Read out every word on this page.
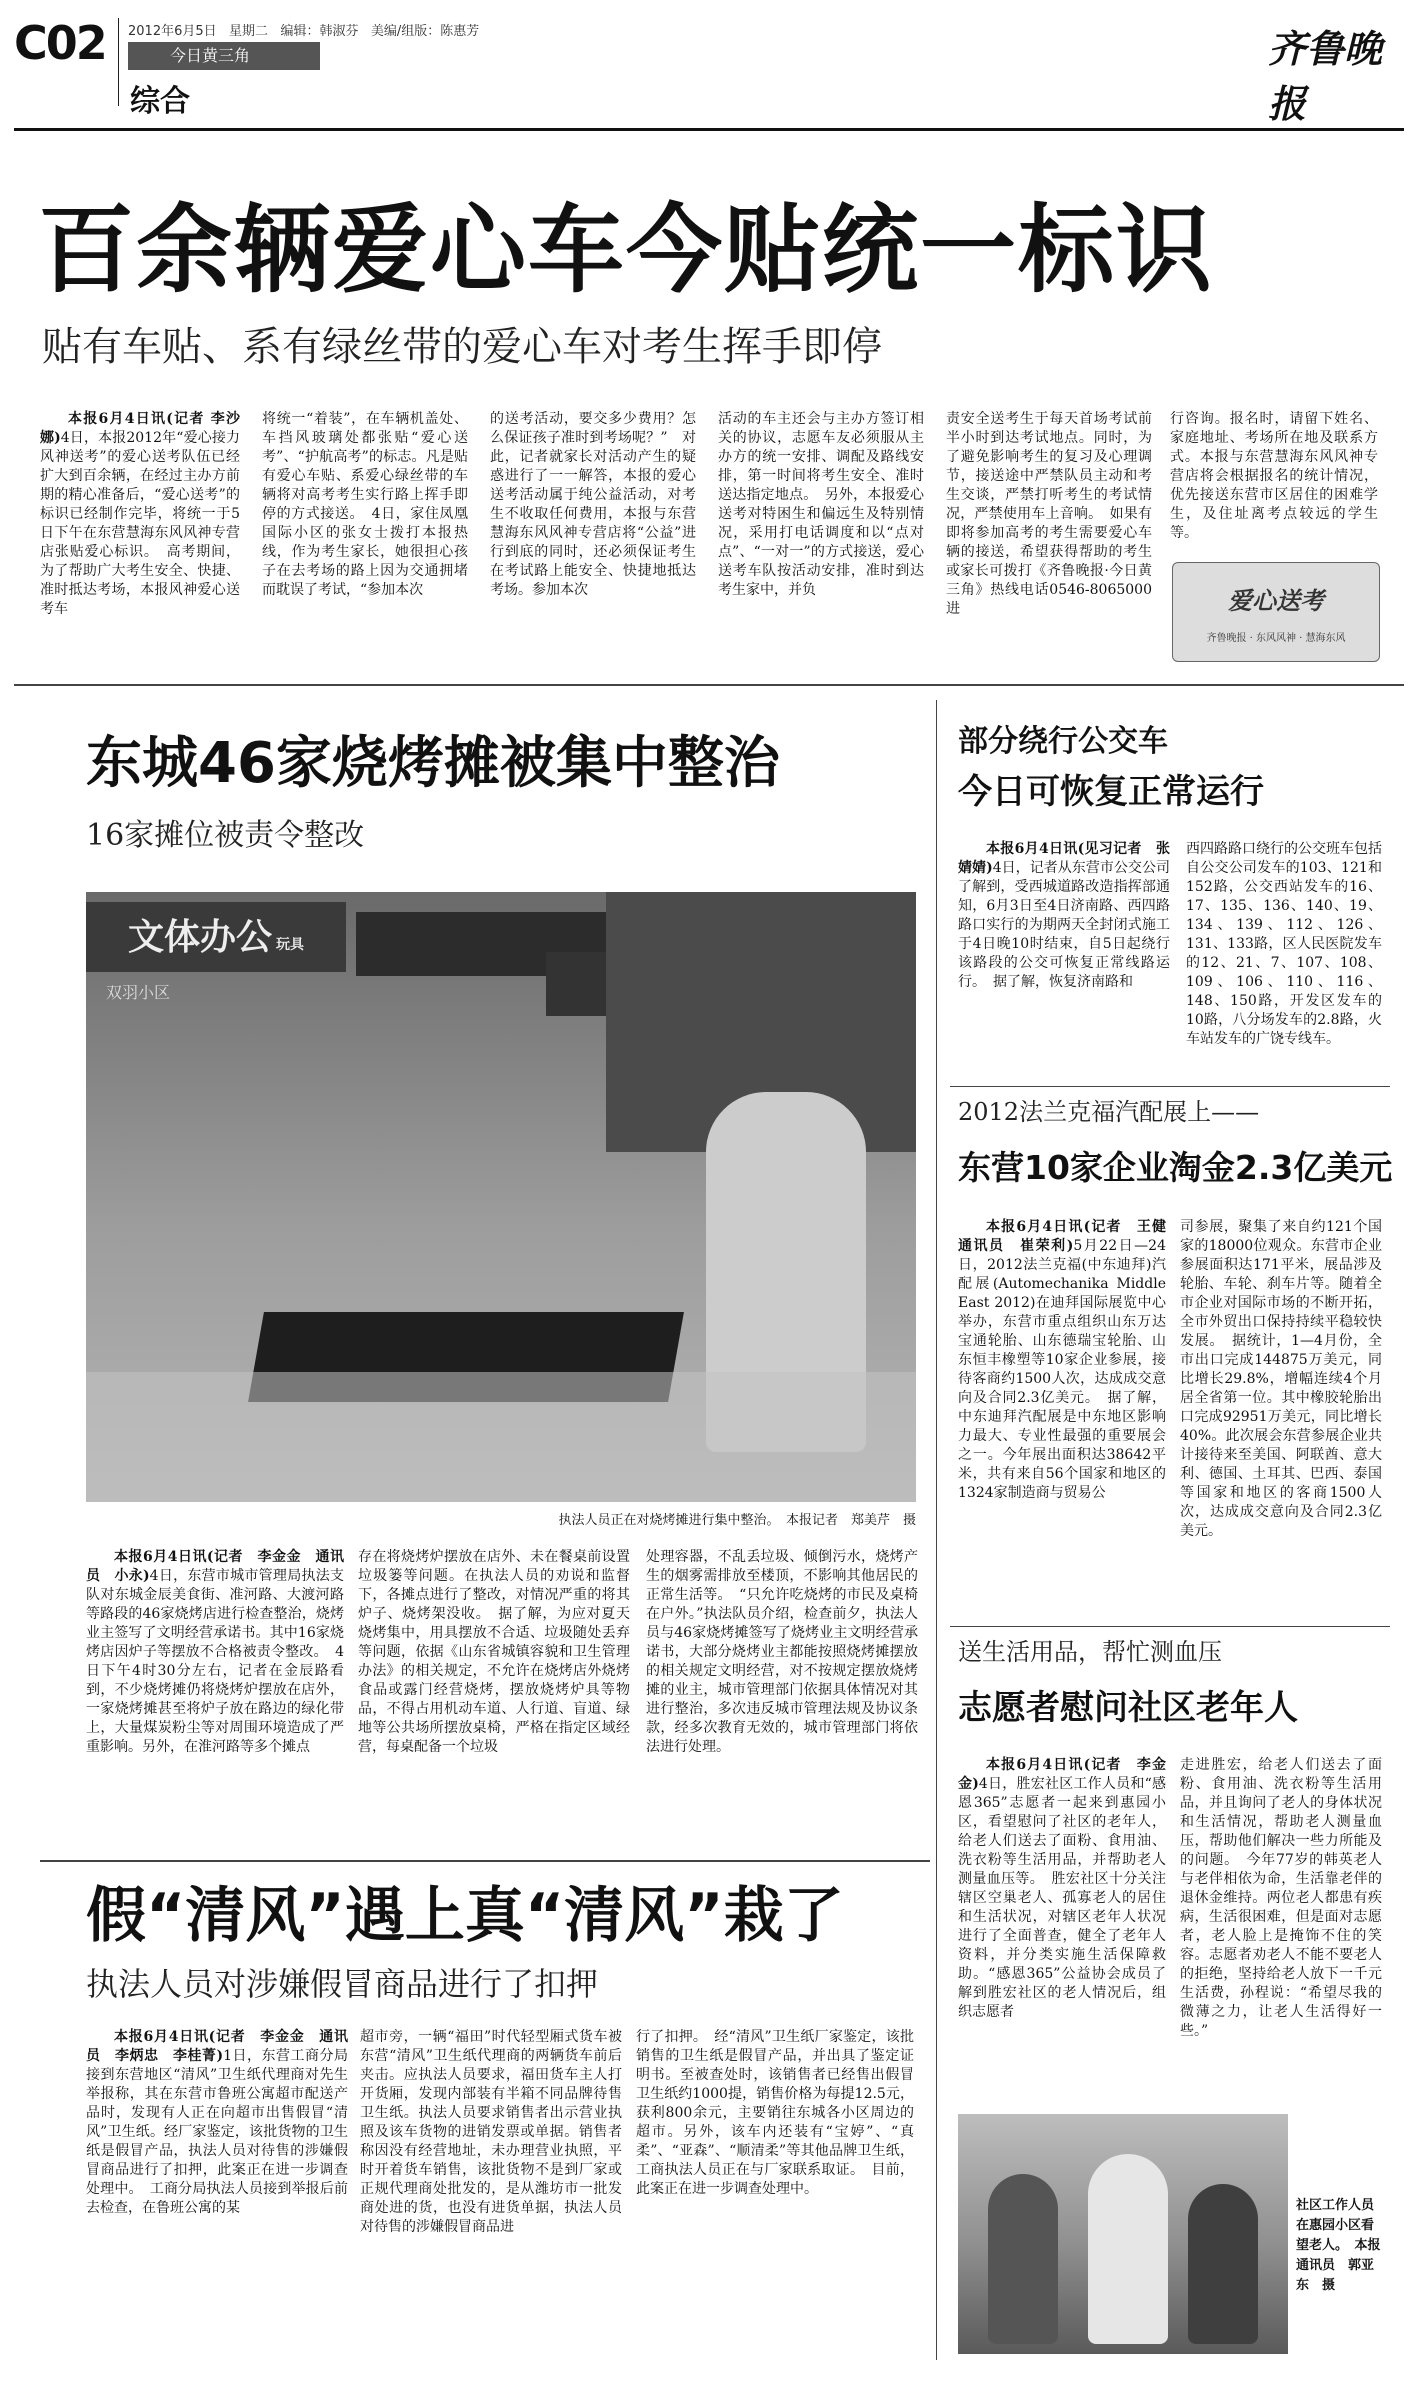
C02 2012年6月5日 星期二 编辑：韩淑芬 美编/组版：陈惠芳
今日黄三角
综合
齐鲁晚报
百余辆爱心车今贴统一标识
贴有车贴、系有绿丝带的爱心车对考生挥手即停

本报6月4日讯(记者 李沙娜)4日，本报2012年“爱心接力 风神送考”的爱心送考队伍已经扩大到百余辆，在经过主办方前期的精心准备后，“爱心送考”的标识已经制作完毕，将统一于5日下午在东营慧海东风风神专营店张贴爱心标识。　高考期间，为了帮助广大考生安全、快捷、准时抵达考场，本报风神爱心送考车

将统一“着装”，在车辆机盖处、车挡风玻璃处都张贴“爱心送考”、“护航高考”的标志。凡是贴有爱心车贴、系爱心绿丝带的车辆将对高考考生实行路上挥手即停的方式接送。　4日，家住凤凰国际小区的张女士拨打本报热线，作为考生家长，她很担心孩子在去考场的路上因为交通拥堵而耽误了考试，“参加本次

的送考活动，要交多少费用？怎么保证孩子准时到考场呢？”　对此，记者就家长对活动产生的疑惑进行了一一解答，本报的爱心送考活动属于纯公益活动，对考生不收取任何费用，本报与东营慧海东风风神专营店将“公益”进行到底的同时，还必须保证考生在考试路上能安全、快捷地抵达考场。参加本次

活动的车主还会与主办方签订相关的协议，志愿车友必须服从主办方的统一安排、调配及路线安排，第一时间将考生安全、准时送达指定地点。　另外，本报爱心送考对特困生和偏远生及特别情况，采用打电话调度和以“点对点”、“一对一”的方式接送，爱心送考车队按活动安排，准时到达考生家中，并负

责安全送考生于每天首场考试前半小时到达考试地点。同时，为了避免影响考生的复习及心理调节，接送途中严禁队员主动和考生交谈，严禁打听考生的考试情况，严禁使用车上音响。　如果有即将参加高考的考生需要爱心车辆的接送，希望获得帮助的考生或家长可拨打《齐鲁晚报·今日黄三角》热线电话0546-8065000进

行咨询。报名时，请留下姓名、家庭地址、考场所在地及联系方式。本报与东营慧海东风风神专营店将会根据报名的统计情况，优先接送东营市区居住的困难学生，及住址离考点较远的学生等。

爱心送考
齐鲁晚报 · 东风风神 · 慧海东风
东城46家烧烤摊被集中整治
16家摊位被责令整改
文体办公 玩具
双羽小区
执法人员正在对烧烤摊进行集中整治。　本报记者　郑美芹　摄

本报6月4日讯(记者　李金金　通讯员　小永)4日，东营市城市管理局执法支队对东城金辰美食街、准河路、大渡河路等路段的46家烧烤店进行检查整治，烧烤业主签写了文明经营承诺书。其中16家烧烤店因炉子等摆放不合格被责令整改。　4日下午4时30分左右，记者在金辰路看到，不少烧烤摊仍将烧烤炉摆放在店外，一家烧烤摊甚至将炉子放在路边的绿化带上，大量煤炭粉尘等对周围环境造成了严重影响。另外，在淮河路等多个摊点

存在将烧烤炉摆放在店外、未在餐桌前设置垃圾篓等问题。在执法人员的劝说和监督下，各摊点进行了整改，对情况严重的将其炉子、烧烤架没收。　据了解，为应对夏天烧烤集中，用具摆放不合适、垃圾随处丢弃等问题，依据《山东省城镇容貌和卫生管理办法》的相关规定，不允许在烧烤店外烧烤食品或露门经营烧烤，摆放烧烤炉具等物品，不得占用机动车道、人行道、盲道、绿地等公共场所摆放桌椅，严格在指定区域经营，每桌配备一个垃圾

处理容器，不乱丢垃圾、倾倒污水，烧烤产生的烟雾需排放至楼顶，不影响其他居民的正常生活等。　“只允许吃烧烤的市民及桌椅在户外。”执法队员介绍，检查前夕，执法人员与46家烧烤摊签写了烧烤业主文明经营承诺书，大部分烧烤业主都能按照烧烤摊摆放的相关规定文明经营，对不按规定摆放烧烤摊的业主，城市管理部门依据具体情况对其进行整治，多次违反城市管理法规及协议条款，经多次教育无效的，城市管理部门将依法进行处理。

假“清风”遇上真“清风”栽了
执法人员对涉嫌假冒商品进行了扣押

本报6月4日讯(记者　李金金　通讯员　李炳忠　李桂菁)1日，东营工商分局接到东营地区“清风”卫生纸代理商对先生举报称，其在东营市鲁班公寓超市配送产品时，发现有人正在向超市出售假冒“清风”卫生纸。经厂家鉴定，该批货物的卫生纸是假冒产品，执法人员对待售的涉嫌假冒商品进行了扣押，此案正在进一步调查处理中。　工商分局执法人员接到举报后前去检查，在鲁班公寓的某

超市旁，一辆“福田”时代轻型厢式货车被东营“清风”卫生纸代理商的两辆货车前后夹击。应执法人员要求，福田货车主人打开货厢，发现内部装有半箱不同品牌待售卫生纸。执法人员要求销售者出示营业执照及该车货物的进销发票或单据。销售者称因没有经营地址，未办理营业执照，平时开着货车销售，该批货物不是到厂家或正规代理商处批发的，是从潍坊市一批发商处进的货，也没有进货单据，执法人员对待售的涉嫌假冒商品进

行了扣押。　经“清风”卫生纸厂家鉴定，该批销售的卫生纸是假冒产品，并出具了鉴定证明书。至被查处时，该销售者已经售出假冒卫生纸约1000提，销售价格为每提12.5元，获利800余元，主要销往东城各小区周边的超市。另外，该车内还装有“宝婷”、“真柔”、“亚森”、“顺清柔”等其他品牌卫生纸，工商执法人员正在与厂家联系取证。　目前，此案正在进一步调查处理中。

部分绕行公交车
今日可恢复正常运行

本报6月4日讯(见习记者　张婧婧)4日，记者从东营市公交公司了解到，受西城道路改造指挥部通知，6月3日至4日济南路、西四路路口实行的为期两天全封闭式施工于4日晚10时结束，自5日起绕行该路段的公交可恢复正常线路运行。　据了解，恢复济南路和

西四路路口绕行的公交班车包括自公交公司发车的103、121和152路，公交西站发车的16、17、135、136、140、19、134、139、112、126、131、133路，区人民医院发车的12、21、7、107、108、109、106、110、116、148、150路，开发区发车的10路，八分场发车的2.8路，火车站发车的广饶专线车。

2012法兰克福汽配展上——
东营10家企业淘金2.3亿美元

本报6月4日讯(记者　王健　通讯员　崔荣利)5月22日—24日，2012法兰克福(中东迪拜)汽配展(Automechanika Middle East 2012)在迪拜国际展览中心举办，东营市重点组织山东万达宝通轮胎、山东德瑞宝轮胎、山东恒丰橡塑等10家企业参展，接待客商约1500人次，达成成交意向及合同2.3亿美元。　据了解，中东迪拜汽配展是中东地区影响力最大、专业性最强的重要展会之一。今年展出面积达38642平米，共有来自56个国家和地区的1324家制造商与贸易公

司参展，聚集了来自约121个国家的18000位观众。东营市企业参展面积达171平米，展品涉及轮胎、车轮、刹车片等。随着全市企业对国际市场的不断开拓，全市外贸出口保持持续平稳较快发展。　据统计，1—4月份，全市出口完成144875万美元，同比增长29.8%，增幅连续4个月居全省第一位。其中橡胶轮胎出口完成92951万美元，同比增长40%。此次展会东营参展企业共计接待来至美国、阿联酋、意大利、德国、土耳其、巴西、泰国等国家和地区的客商1500人次，达成成交意向及合同2.3亿美元。

送生活用品，帮忙测血压
志愿者慰问社区老年人

本报6月4日讯(记者　李金金)4日，胜宏社区工作人员和“感恩365”志愿者一起来到惠园小区，看望慰问了社区的老年人，给老人们送去了面粉、食用油、洗衣粉等生活用品，并帮助老人测量血压等。　胜宏社区十分关注辖区空巢老人、孤寡老人的居住和生活状况，对辖区老年人状况进行了全面普查，健全了老年人资料，并分类实施生活保障救助。“感恩365”公益协会成员了解到胜宏社区的老人情况后，组织志愿者

走进胜宏，给老人们送去了面粉、食用油、洗衣粉等生活用品，并且询问了老人的身体状况和生活情况，帮助老人测量血压，帮助他们解决一些力所能及的问题。　今年77岁的韩英老人与老伴相依为命，生活靠老伴的退休金维持。两位老人都患有疾病，生活很困难，但是面对志愿者，老人脸上是掩饰不住的笑容。志愿者劝老人不能不要老人的拒绝，坚持给老人放下一千元生活费，孙程说：“希望尽我的微薄之力，让老人生活得好一些。”

社区工作人员在惠园小区看望老人。　本报通讯员　郭亚东　摄
